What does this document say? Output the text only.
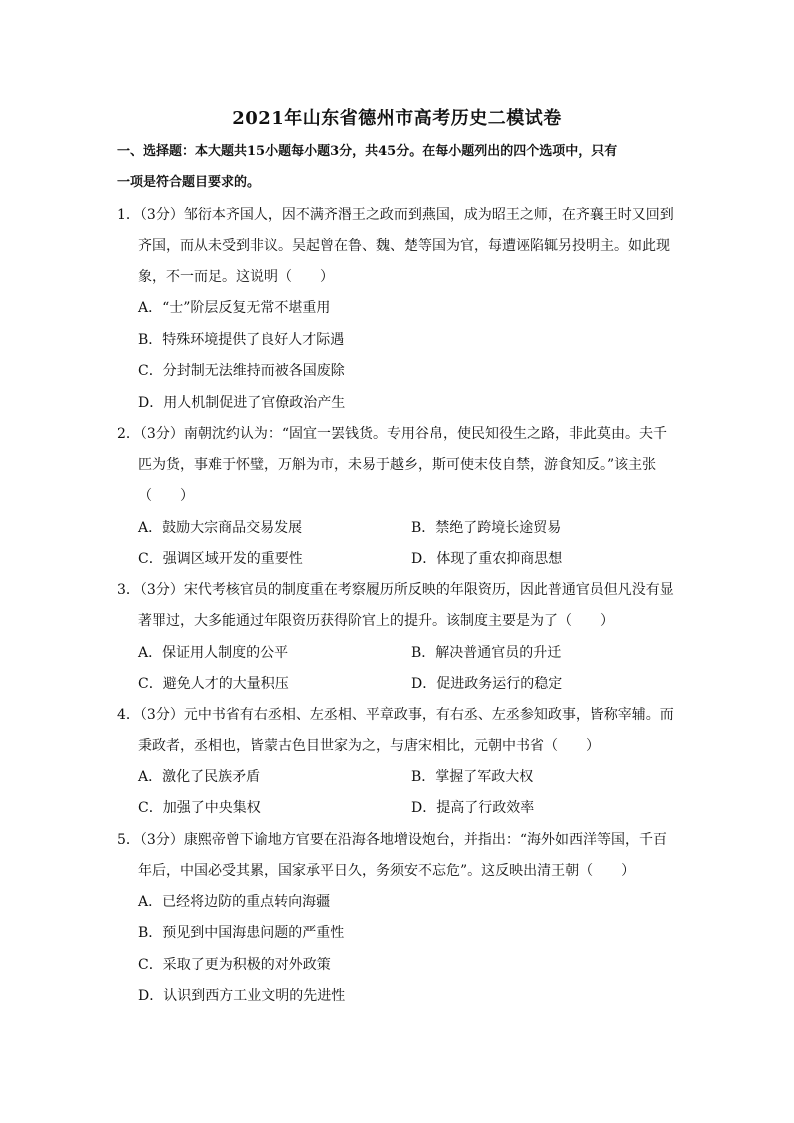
2021年山东省德州市高考历史二模试卷
一、选择题：本大题共15小题每小题3分，共45分。在每小题列出的四个选项中，只有
一项是符合题目要求的。
1．（3分）邹衍本齐国人，因不满齐湣王之政而到燕国，成为昭王之师，在齐襄王时又回到
齐国，而从未受到非议。吴起曾在鲁、魏、楚等国为官，每遭诬陷辄另投明主。如此现
象，不一而足。这说明（　　）
A．“士”阶层反复无常不堪重用
B．特殊环境提供了良好人才际遇
C．分封制无法维持而被各国废除
D．用人机制促进了官僚政治产生
2．（3分）南朝沈约认为：“固宜一罢钱货。专用谷帛，使民知役生之路，非此莫由。夫千
匹为货，事难于怀璧，万斛为市，未易于越乡，斯可使末伎自禁，游食知反。”该主张
（　　）
A．鼓励大宗商品交易发展	B．禁绝了跨境长途贸易
C．强调区域开发的重要性	D．体现了重农抑商思想
3．（3分）宋代考核官员的制度重在考察履历所反映的年限资历，因此普通官员但凡没有显
著罪过，大多能通过年限资历获得阶官上的提升。该制度主要是为了（　　）
A．保证用人制度的公平	B．解决普通官员的升迁
C．避免人才的大量积压	D．促进政务运行的稳定
4．（3分）元中书省有右丞相、左丞相、平章政事，有右丞、左丞参知政事，皆称宰辅。而
秉政者，丞相也，皆蒙古色目世家为之，与唐宋相比，元朝中书省（　　）
A．激化了民族矛盾	B．掌握了军政大权
C．加强了中央集权	D．提高了行政效率
5．（3分）康熙帝曾下谕地方官要在沿海各地增设炮台，并指出：“海外如西洋等国，千百
年后，中国必受其累，国家承平日久，务须安不忘危”。这反映出清王朝（　　）
A．已经将边防的重点转向海疆
B．预见到中国海患问题的严重性
C．采取了更为积极的对外政策
D．认识到西方工业文明的先进性
